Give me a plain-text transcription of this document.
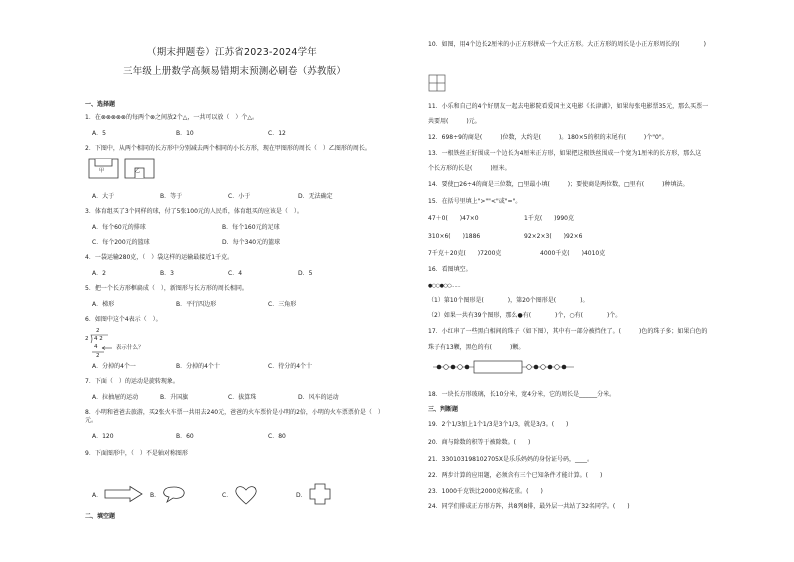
（期末押题卷）江苏省2023-2024学年
三年级上册数学高频易错期末预测必刷卷（苏教版）
一、选择题
1．在⊗⊗⊗⊗⊗的每两个⊗之间放2个△，一共可以放（　）个△。
A．5	B．10	C．12
2．下图中，从两个相同的长方形中分别减去两个相同的小长方形，现在甲图形的周长（　）乙图形的周长。
甲	乙
A．大于	B．等于	C．小于	D．无法确定
3．体育组买了3个同样的球，付了5张100元的人民币，体育组买的应该是（　）。
A．每个60元的排球	B．每个160元的足球
C．每个200元的篮球	D．每个340元的篮球
4．一袋运输280克，（　）袋这样的运输最接近1千克。
A．2	B．3	C．4	D．5
5．把一个长方形框扁成（　），新图形与长方形的周长相同。
A．梯形	B．平行四边形	C．三角形
6．如图中这个4表示（　）。
2
2 4 2
4
2
表示什么？
A．分掉的4个一	B．分掉的4个十	C．待分的4个十
7．下面（　）的运动是旋转现象。
A．拉抽屉的运动	B．升国旗	C．拔算珠	D．风车的运动
8．小明和爸爸去旅游，买2张火车票一共用去240元，爸爸的火车票价是小明的2倍，小明的火车票票价是（　）元。
A．120	B．60	C．80
9．下面图形中，（　）不是轴对称图形
A．	B．	C．	D．
二、填空题
10．如图，用4个边长2厘米的小正方形拼成一个大正方形。大正方形的周长是小正方形周长的(　　　　)
11．小乐和自己的4个好朋友一起去电影院看爱国主义电影《长津湖》，如果每张电影票35元，那么买票一
共要用(　　　)元。
12．698÷9的商是(　　　)位数，大约是(　　　)。180×5的积的末尾有(　　　)个"0"。
13．一根铁丝正好围成一个边长为4厘米正方形，如果把这根铁丝围成一个宽为1厘米的长方形，那么这
个长方形的长是(　　　)厘米。
14．要使□26÷4的商是三位数，□里最小填(　　　)；要使商是两位数，□里有(　　　)种填法。
15．在括号里填上">""<"或"="。
47＋0(　　)47×0	1千克(　　)990克
310×6(　　)1886	92×2×3(　　)92×6
7千克＋20克(　　)7200克	4000千克(　　)4010克
16．看图填空。
●○○●○○……
（1）第10个图形是(　　　　)，第20个图形是(　　　　)。
（2）如果一共有39个图形，那么●有(　　　　)个，○有(　　　　)个。
17．小红串了一些黑白相间的珠子（如下图），其中有一部分被挡住了。(　　　)色的珠子多；如果白色的
珠子有13颗，黑色的有(　　　)颗。
18．一块长方形玻璃，长10分米，宽4分米，它的周长是______分米。
三、判断题
19．2个1/3加上1个1/3是3个1/3，就是3/3。(　　)
20．商与除数的积等于被除数。(　　)
21．330103198102705X是乐乐妈妈的身份证号码，____。
22．两步计算的应用题，必须含有三个已知条件才能计算。(　　)
23．1000千克铁比2000克棉花重。(　　)
24．同学们排成正方形方阵，共8列8排，最外层一共站了32名同学。(　　)
